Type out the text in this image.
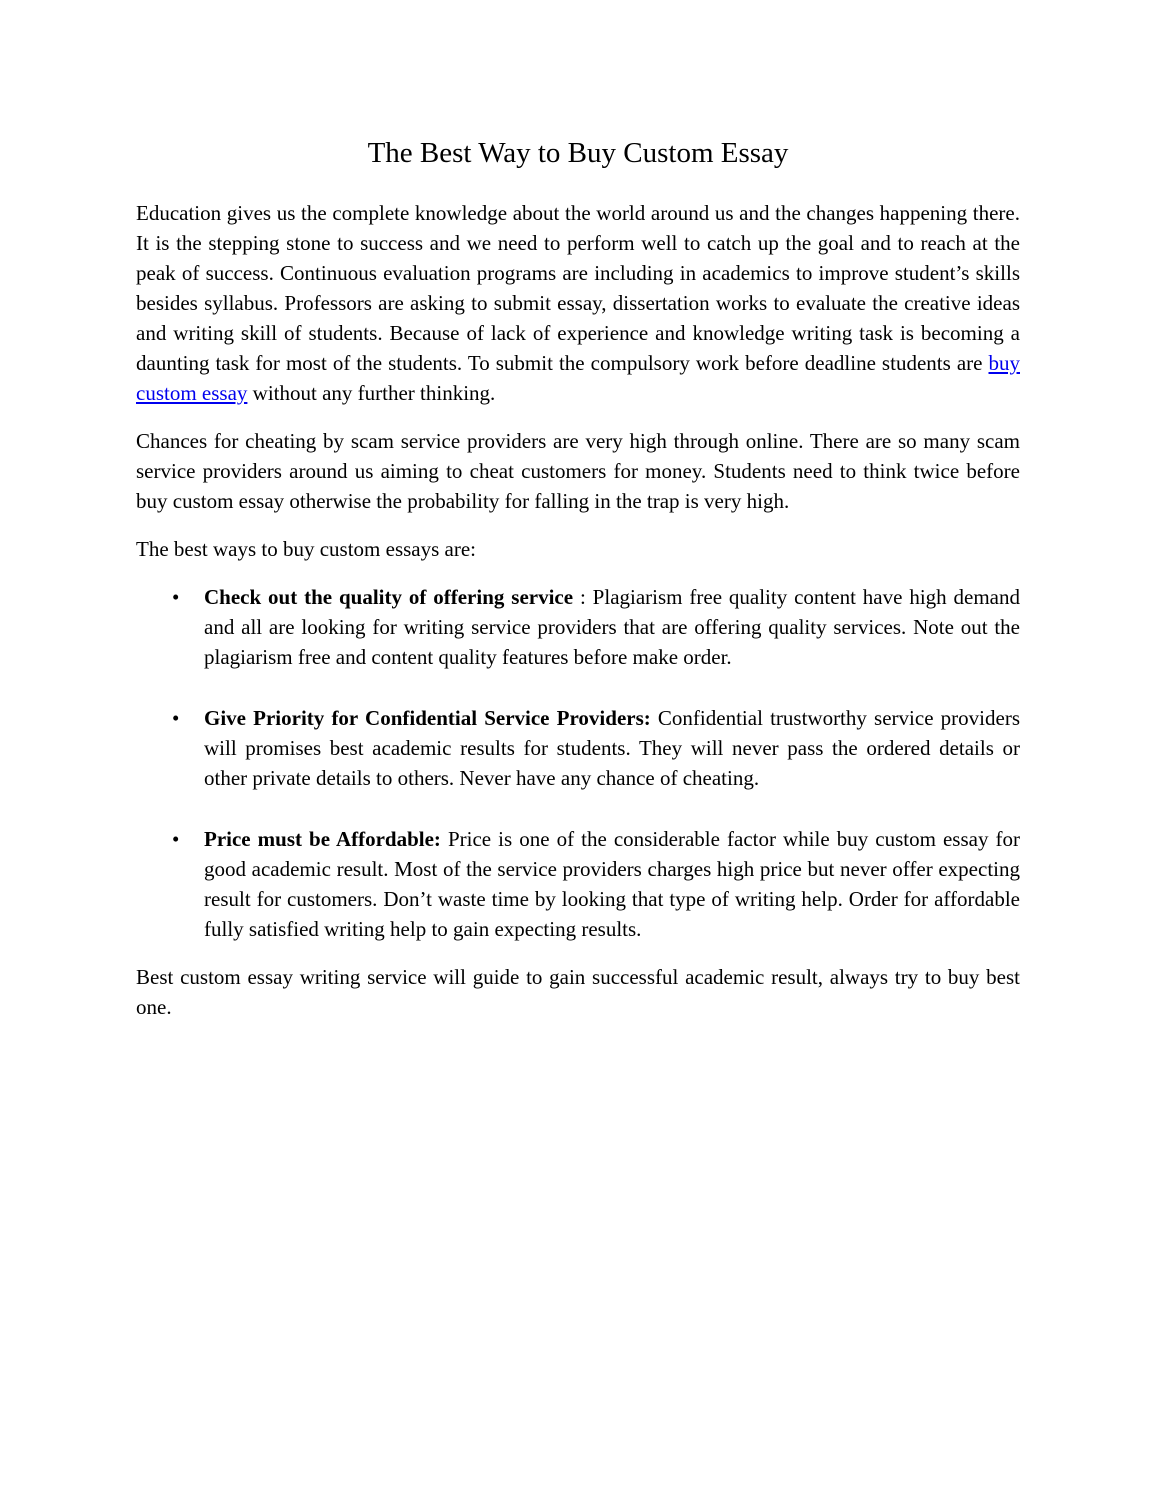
The Best Way to Buy Custom Essay

Education gives us the complete knowledge about the world around us and the changes happening there. It is the stepping stone to success and we need to perform well to catch up the goal and to reach at the peak of success. Continuous evaluation programs are including in academics to improve student’s skills besides syllabus. Professors are asking to submit essay, dissertation works to evaluate the creative ideas and writing skill of students. Because of lack of experience and knowledge writing task is becoming a daunting task for most of the students. To submit the compulsory work before deadline students are buy custom essay without any further thinking.

Chances for cheating by scam service providers are very high through online. There are so many scam service providers around us aiming to cheat customers for money. Students need to think twice before buy custom essay otherwise the probability for falling in the trap is very high.

The best ways to buy custom essays are:

• Check out the quality of offering service : Plagiarism free quality content have high demand and all are looking for writing service providers that are offering quality services. Note out the plagiarism free and content quality features before make order.
• Give Priority for Confidential Service Providers: Confidential trustworthy service providers will promises best academic results for students. They will never pass the ordered details or other private details to others. Never have any chance of cheating.
• Price must be Affordable: Price is one of the considerable factor while buy custom essay for good academic result. Most of the service providers charges high price but never offer expecting result for customers. Don’t waste time by looking that type of writing help. Order for affordable fully satisfied writing help to gain expecting results.

Best custom essay writing service will guide to gain successful academic result, always try to buy best one.
